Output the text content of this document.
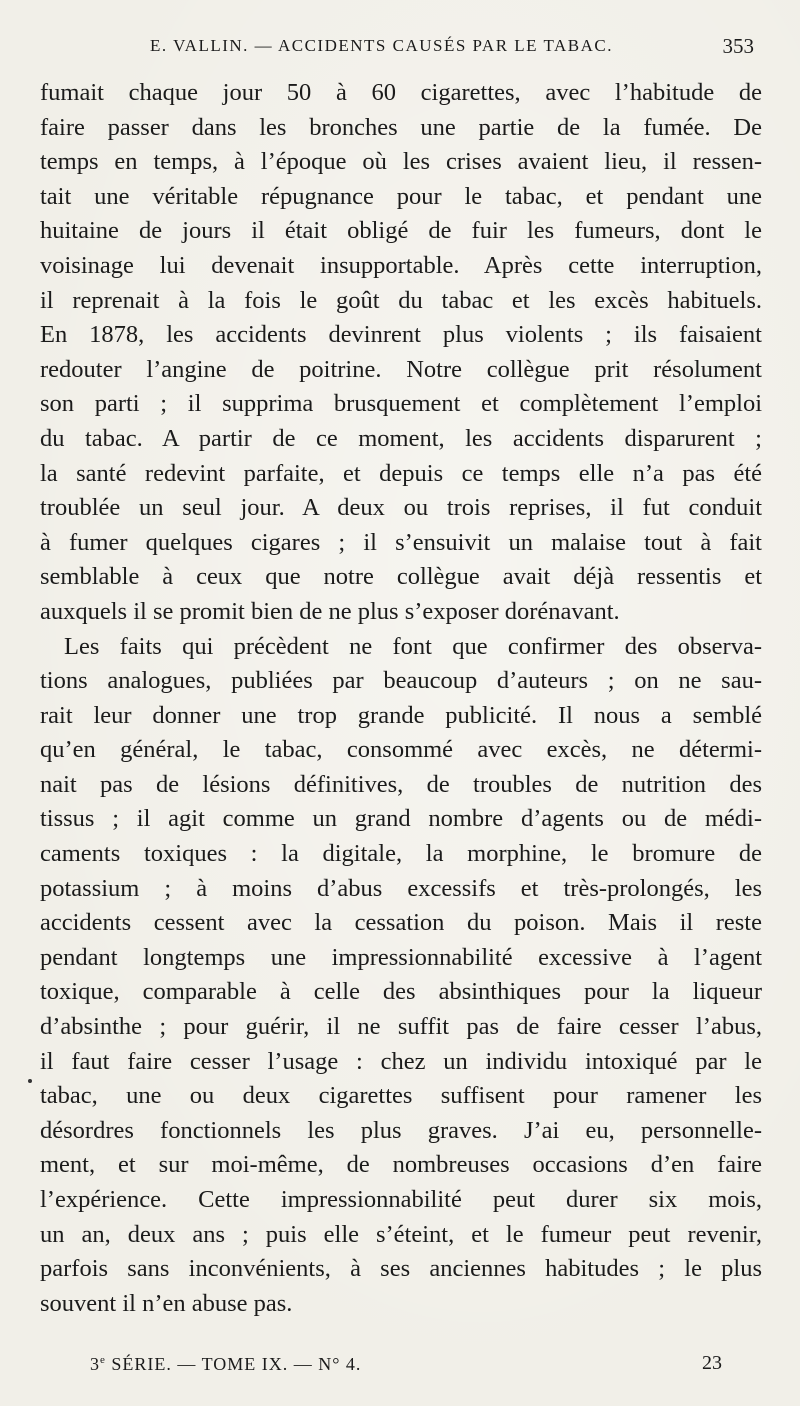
E. VALLIN. — ACCIDENTS CAUSÉS PAR LE TABAC.	353
fumait chaque jour 50 à 60 cigarettes, avec l’habitude de
faire passer dans les bronches une partie de la fumée. De
temps en temps, à l’époque où les crises avaient lieu, il ressen-
tait une véritable répugnance pour le tabac, et pendant une
huitaine de jours il était obligé de fuir les fumeurs, dont le
voisinage lui devenait insupportable. Après cette interruption,
il reprenait à la fois le goût du tabac et les excès habituels.
En 1878, les accidents devinrent plus violents ; ils faisaient
redouter l’angine de poitrine. Notre collègue prit résolument
son parti ; il supprima brusquement et complètement l’emploi
du tabac. A partir de ce moment, les accidents disparurent ;
la santé redevint parfaite, et depuis ce temps elle n’a pas été
troublée un seul jour. A deux ou trois reprises, il fut conduit
à fumer quelques cigares ; il s’ensuivit un malaise tout à fait
semblable à ceux que notre collègue avait déjà ressentis et
auxquels il se promit bien de ne plus s’exposer dorénavant.
Les faits qui précèdent ne font que confirmer des observa-
tions analogues, publiées par beaucoup d’auteurs ; on ne sau-
rait leur donner une trop grande publicité. Il nous a semblé
qu’en général, le tabac, consommé avec excès, ne détermi-
nait pas de lésions définitives, de troubles de nutrition des
tissus ; il agit comme un grand nombre d’agents ou de médi-
caments toxiques : la digitale, la morphine, le bromure de
potassium ; à moins d’abus excessifs et très-prolongés, les
accidents cessent avec la cessation du poison. Mais il reste
pendant longtemps une impressionnabilité excessive à l’agent
toxique, comparable à celle des absinthiques pour la liqueur
d’absinthe ; pour guérir, il ne suffit pas de faire cesser l’abus,
il faut faire cesser l’usage : chez un individu intoxiqué par le
tabac, une ou deux cigarettes suffisent pour ramener les
désordres fonctionnels les plus graves. J’ai eu, personnelle-
ment, et sur moi-même, de nombreuses occasions d’en faire
l’expérience. Cette impressionnabilité peut durer six mois,
un an, deux ans ; puis elle s’éteint, et le fumeur peut revenir,
parfois sans inconvénients, à ses anciennes habitudes ; le plus
souvent il n’en abuse pas.
3e SÉRIE. — TOME IX. — N° 4.	23
